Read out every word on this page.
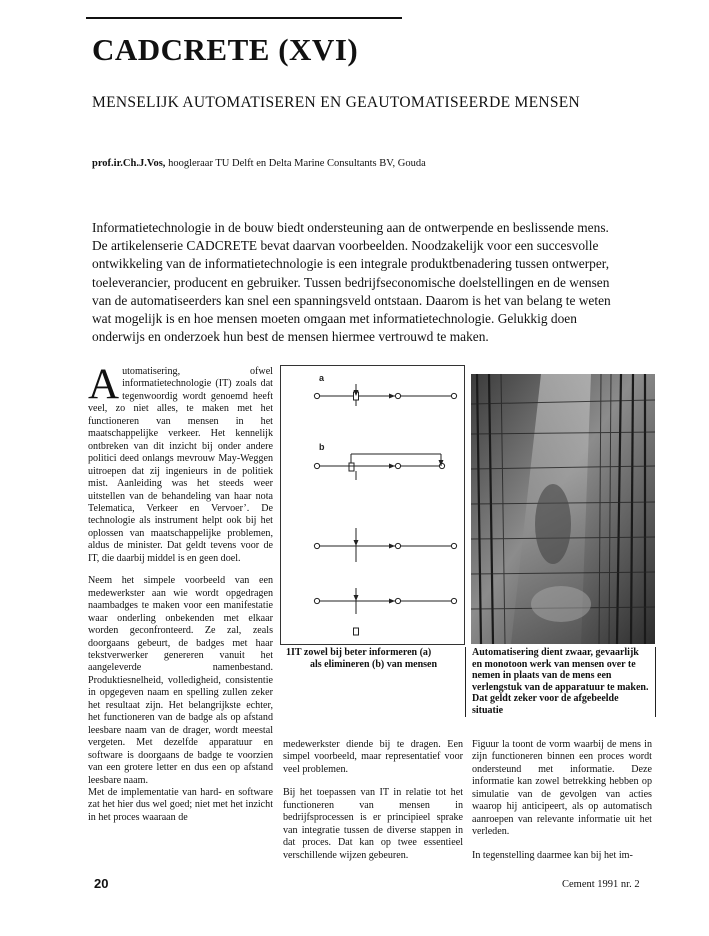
CADCRETE (XVI)
MENSELIJK AUTOMATISEREN EN GEAUTOMATISEERDE MENSEN
prof.ir.Ch.J.Vos, hoogleraar TU Delft en Delta Marine Consultants BV, Gouda
Informatietechnologie in de bouw biedt ondersteuning aan de ontwerpende en beslissende mens. De artikelenserie CADCRETE bevat daarvan voorbeelden. Noodzakelijk voor een succesvolle ontwikkeling van de informatietechnologie is een integrale produktbenadering tussen ontwerper, toeleverancier, producent en gebruiker. Tussen bedrijfseconomische doelstellingen en de wensen van de automatiseerders kan snel een spanningsveld ontstaan. Daarom is het van belang te weten wat mogelijk is en hoe mensen moeten omgaan met informatietechnologie. Gelukkig doen onderwijs en onderzoek hun best de mensen hiermee vertrouwd te maken.

Automatisering, ofwel informatietechnologie (IT) zoals dat tegenwoordig wordt genoemd heeft veel, zo niet alles, te maken met het functioneren van mensen in het maatschappelijke verkeer. Het kennelijk ontbreken van dit inzicht bij onder andere politici deed onlangs mevrouw May-Weggen uitroepen dat zij ingenieurs in de politiek mist. Aanleiding was het steeds weer uitstellen van de behandeling van haar nota Telematica, Verkeer en Vervoer’. De technologie als instrument helpt ook bij het oplossen van maatschappelijke problemen, aldus de minister. Dat geldt tevens voor de IT, die daarbij middel is en geen doel.

Neem het simpele voorbeeld van een medewerkster aan wie wordt opgedragen naambadges te maken voor een manifestatie waar onderling onbekenden met elkaar worden geconfronteerd. Ze zal, zeals doorgaans gebeurt, de badges met haar tekstverwerker genereren vanuit het aangeleverde namenbestand. Produktiesnelheid, volledigheid, consistentie in opgegeven naam en spelling zullen zeker het resultaat zijn. Het belangrijkste echter, het functioneren van de badge als op afstand leesbare naam van de drager, wordt meestal vergeten. Met dezelfde apparatuur en software is doorgaans de badge te voorzien van een grotere letter en dus een op afstand leesbare naam.

Met de implementatie van hard- en software zat het hier dus wel goed; niet met het inzicht in het proces waaraan de

a
b
1IT zowel bij beter informeren (a)
als elimineren (b) van mensen
Automatisering dient zwaar, gevaarlijk en monotoon werk van mensen over te nemen in plaats van de mens een verlengstuk van de apparatuur te maken. Dat geldt zeker voor de afgebeelde situatie

medewerkster diende bij te dragen. Een simpel voorbeeld, maar representatief voor veel problemen.

Bij het toepassen van IT in relatie tot het functioneren van mensen in bedrijfsprocessen is er principieel sprake van integratie tussen de diverse stappen in dat proces. Dat kan op twee essentieel verschillende wijzen gebeuren.

Figuur la toont de vorm waarbij de mens in zijn functioneren binnen een proces wordt ondersteund met informatie. Deze informatie kan zowel betrekking hebben op simulatie van de gevolgen van acties waarop hij anticipeert, als op automatisch aanroepen van relevante informatie uit het verleden.

In tegenstelling daarmee kan bij het im-

20	Cement 1991 nr. 2
